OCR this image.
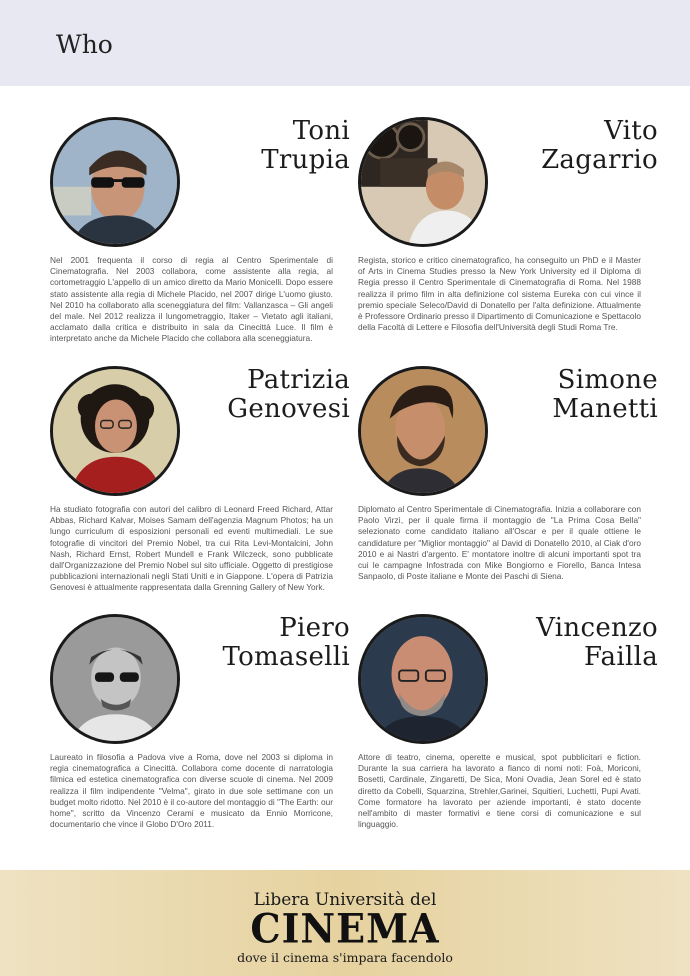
Who
Toni
Trupia
Nel 2001 frequenta il corso di regia al Centro Sperimentale di Cinematografia. Nel 2003 collabora, come assistente alla regia, al cortometraggio L'appello di un amico diretto da Mario Monicelli. Dopo essere stato assistente alla regia di Michele Placido, nel 2007 dirige L'uomo giusto. Nel 2010 ha collaborato alla sceneggiatura del film: Vallanzasca – Gli angeli del male. Nel 2012 realizza il lungometraggio, Itaker – Vietato agli italiani, acclamato dalla critica e distribuito in sala da Cinecittà Luce. Il film è interpretato anche da Michele Placido che collabora alla sceneggiatura.
Vito
Zagarrio
Regista, storico e critico cinematografico, ha conseguito un PhD e il Master of Arts in Cinema Studies presso la New York University ed il Diploma di Regia presso il Centro Sperimentale di Cinematografia di Roma. Nel 1988 realizza il primo film in alta definizione col sistema Eureka con cui vince il premio speciale Seleco/David di Donatello per l'alta definizione. Attualmente è Professore Ordinario presso il Dipartimento di Comunicazione e Spettacolo della Facoltà di Lettere e Filosofia dell'Università degli Studi Roma Tre.
Patrizia
Genovesi
Ha studiato fotografia con autori del calibro di Leonard Freed Richard, Attar Abbas, Richard Kalvar, Moises Samam dell'agenzia Magnum Photos; ha un lungo curriculum di esposizioni personali ed eventi multimediali. Le sue fotografie di vincitori del Premio Nobel, tra cui Rita Levi-Montalcini, John Nash, Richard Ernst, Robert Mundell e Frank Wilczeck, sono pubblicate dall'Organizzazione del Premio Nobel sul sito ufficiale. Oggetto di prestigiose pubblicazioni internazionali negli Stati Uniti e in Giappone. L'opera di Patrizia Genovesi è attualmente rappresentata dalla Grenning Gallery of New York.
Simone
Manetti
Diplomato al Centro Sperimentale di Cinematografia. Inizia a collaborare con Paolo Virzì, per il quale firma il montaggio de "La Prima Cosa Bella" selezionato come candidato italiano all'Oscar e per il quale ottiene le candidature per "Miglior montaggio" al David di Donatello 2010, al Ciak d'oro 2010 e ai Nastri d'argento. E' montatore inoltre di alcuni importanti spot tra cui le campagne Infostrada con Mike Bongiorno e Fiorello, Banca Intesa Sanpaolo, di Poste italiane e Monte dei Paschi di Siena.
Piero
Tomaselli
Laureato in filosofia a Padova vive a Roma, dove nel 2003 si diploma in regia cinematografica a Cinecittà. Collabora come docente di narratologia filmica ed estetica cinematografica con diverse scuole di cinema. Nel 2009 realizza il film indipendente "Velma", girato in due sole settimane con un budget molto ridotto. Nel 2010 è il co-autore del montaggio di "The Earth: our home", scritto da Vincenzo Cerami e musicato da Ennio Morricone, documentario che vince il Globo D'Oro 2011.
Vincenzo
Failla
Attore di teatro, cinema, operette e musical, spot pubblicitari e fiction. Durante la sua carriera ha lavorato a fianco di nomi noti: Foà, Moriconi, Bosetti, Cardinale, Zingaretti, De Sica, Moni Ovadia, Jean Sorel ed è stato diretto da Cobelli, Squarzina, Strehler,Garinei, Squitieri, Luchetti, Pupi Avati. Come formatore ha lavorato per aziende importanti, è stato docente nell'ambito di master formativi e tiene corsi di comunicazione e sul linguaggio.
Libera Università del
CINEMA
dove il cinema s'impara facendolo
